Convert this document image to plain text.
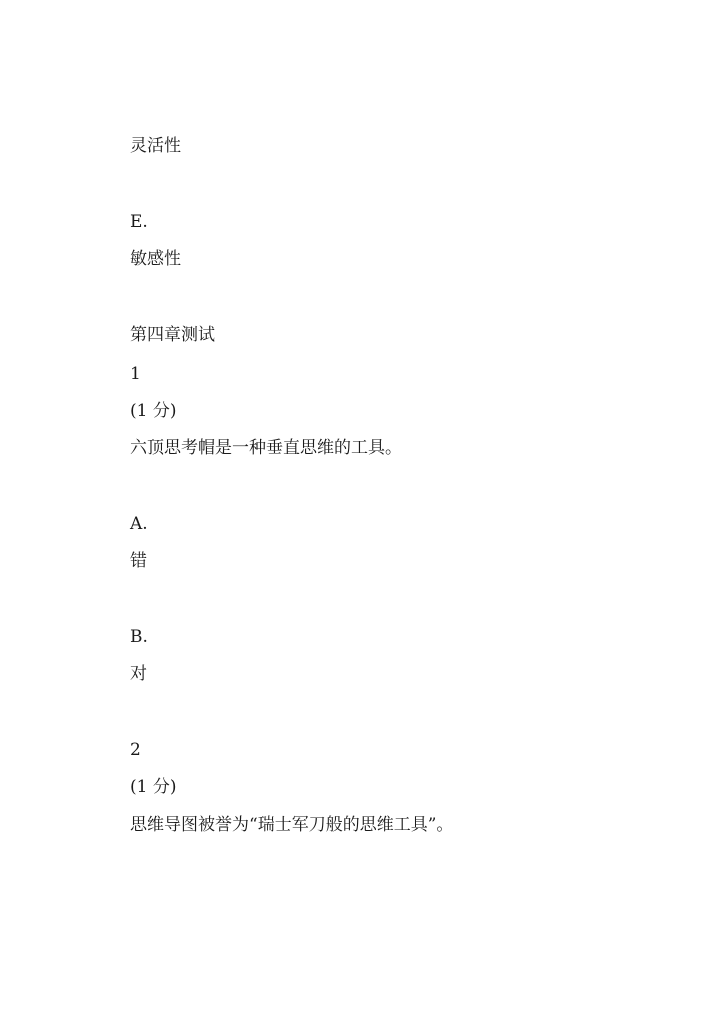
灵活性
E.
敏感性
第四章测试
1
(1 分)
六顶思考帽是一种垂直思维的工具。
A.
错
B.
对
2
(1 分)
思维导图被誉为“瑞士军刀般的思维工具”。
